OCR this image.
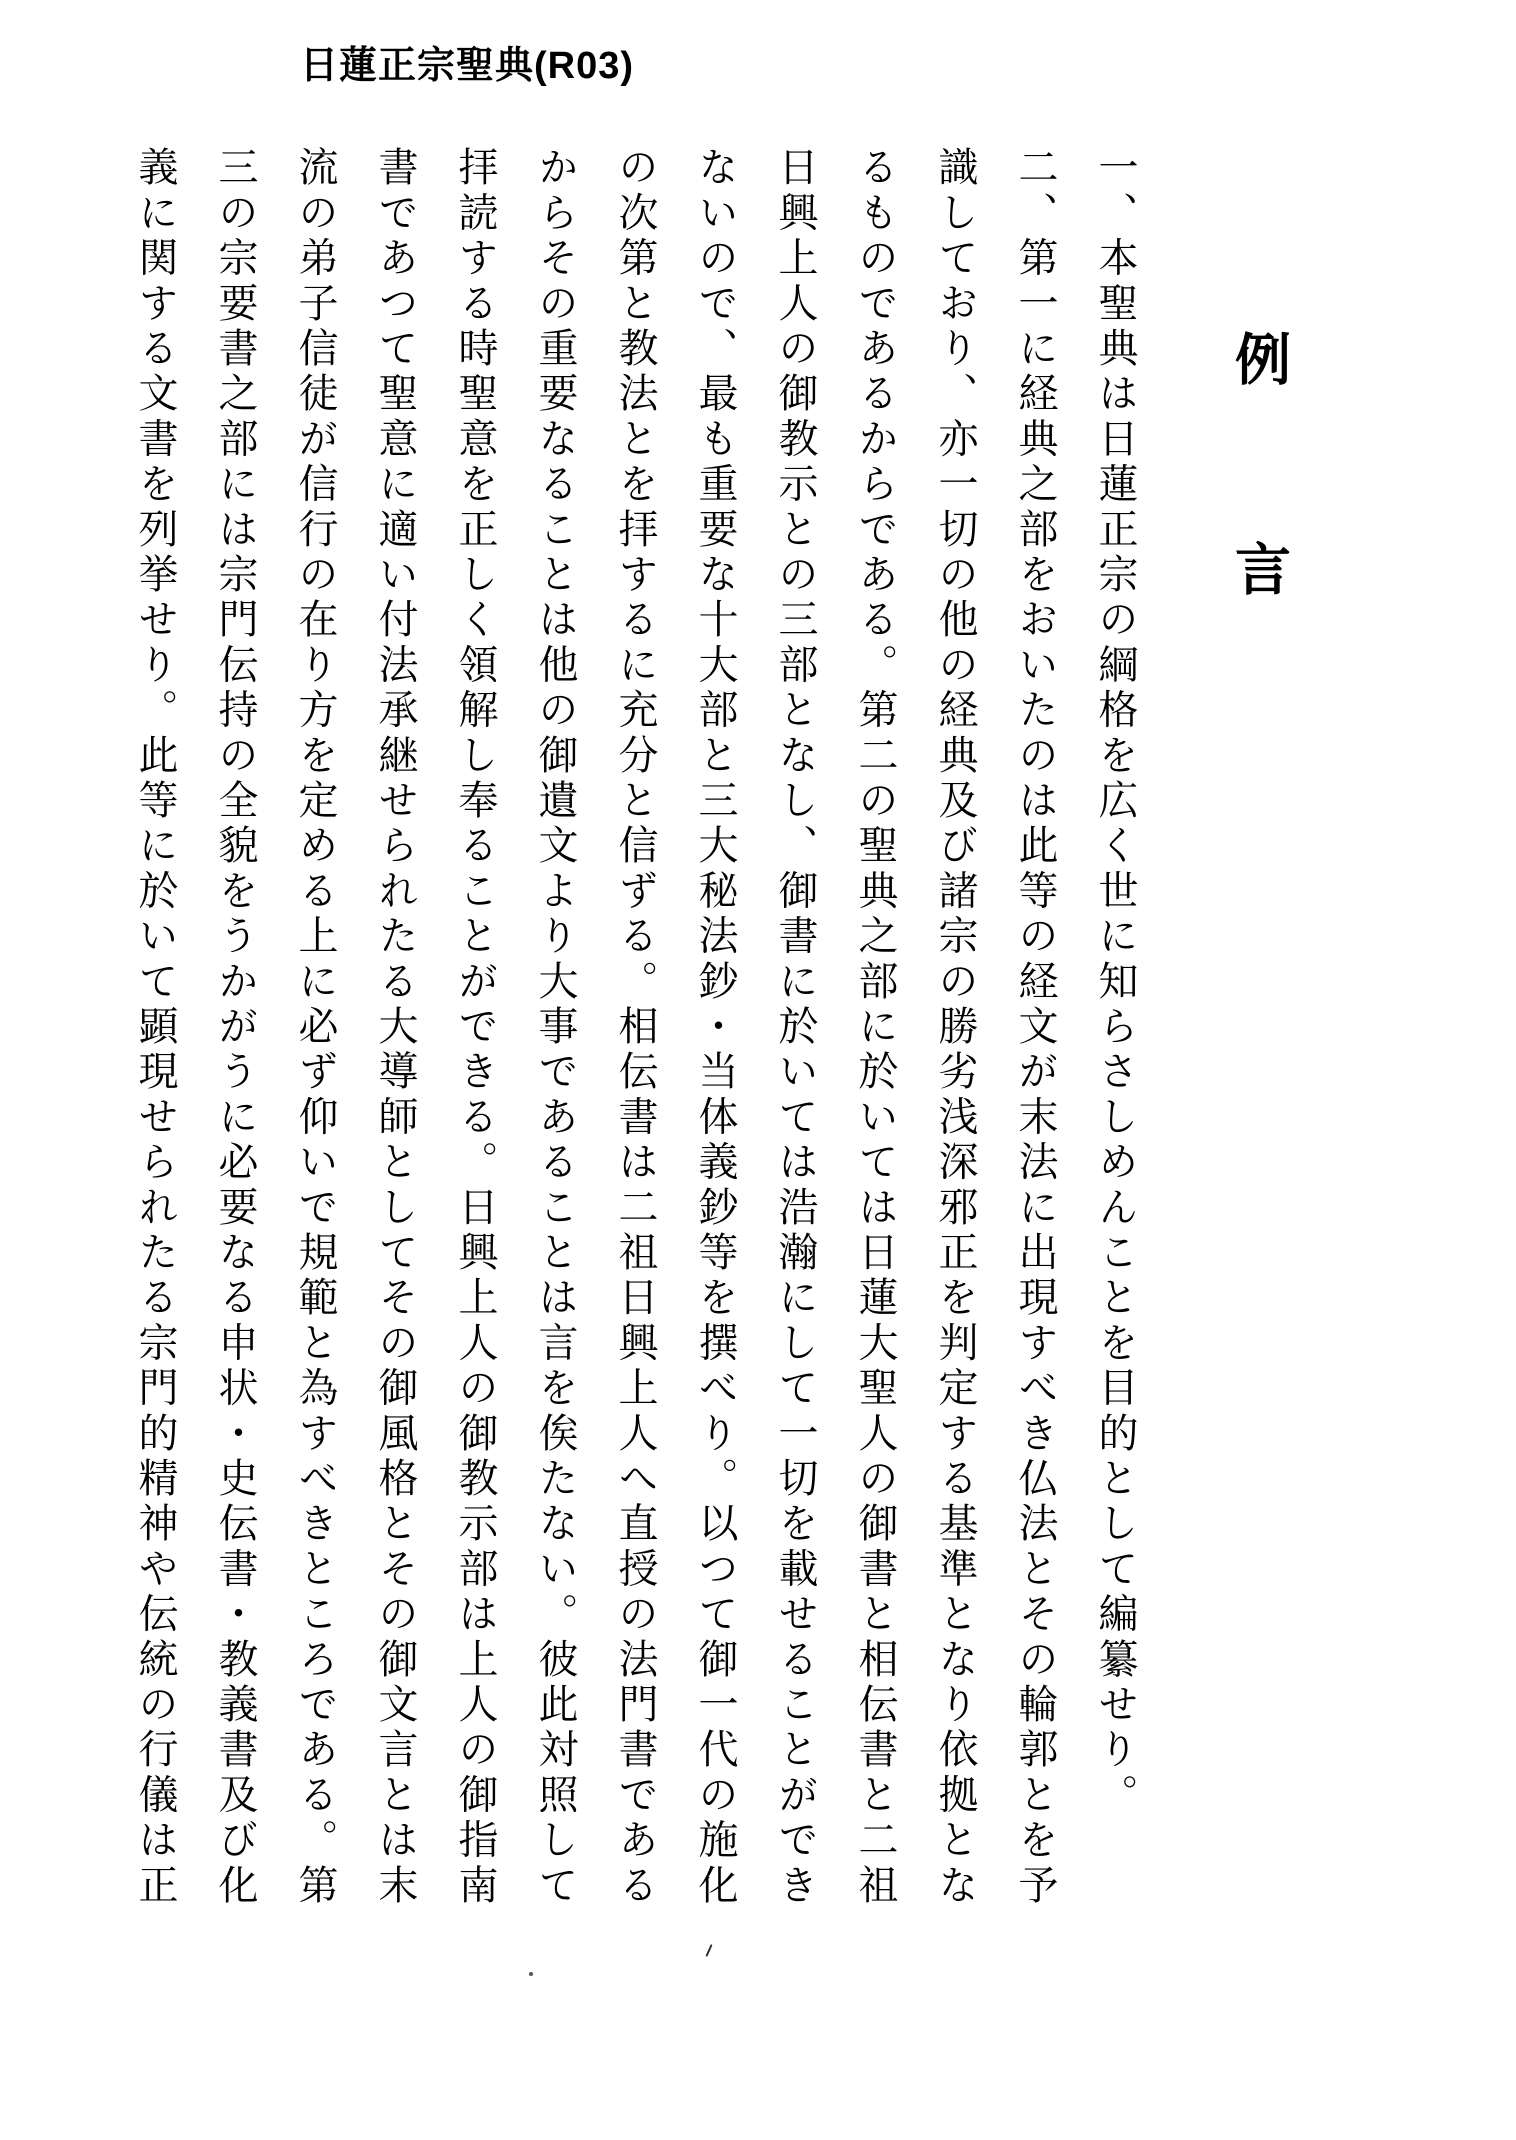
日蓮正宗聖典(R03)
例言
一、本聖典は日蓮正宗の綱格を広く世に知らさしめんことを目的として編纂せり。
二、第一に経典之部をおいたのは此等の経文が末法に出現すべき仏法とその輪郭とを予
識しており、亦一切の他の経典及び諸宗の勝劣浅深邪正を判定する基準となり依拠とな
るものであるからである。第二の聖典之部に於いては日蓮大聖人の御書と相伝書と二祖
日興上人の御教示との三部となし、御書に於いては浩瀚にして一切を載せることができ
ないので、最も重要な十大部と三大秘法鈔・当体義鈔等を撰べり。以つて御一代の施化
の次第と教法とを拝するに充分と信ずる。相伝書は二祖日興上人へ直授の法門書である
からその重要なることは他の御遺文より大事であることは言を俟たない。彼此対照して
拝読する時聖意を正しく領解し奉ることができる。日興上人の御教示部は上人の御指南
書であつて聖意に適い付法承継せられたる大導師としてその御風格とその御文言とは末
流の弟子信徒が信行の在り方を定める上に必ず仰いで規範と為すべきところである。第
三の宗要書之部には宗門伝持の全貌をうかがうに必要なる申状・史伝書・教義書及び化
義に関する文書を列挙せり。此等に於いて顕現せられたる宗門的精神や伝統の行儀は正
